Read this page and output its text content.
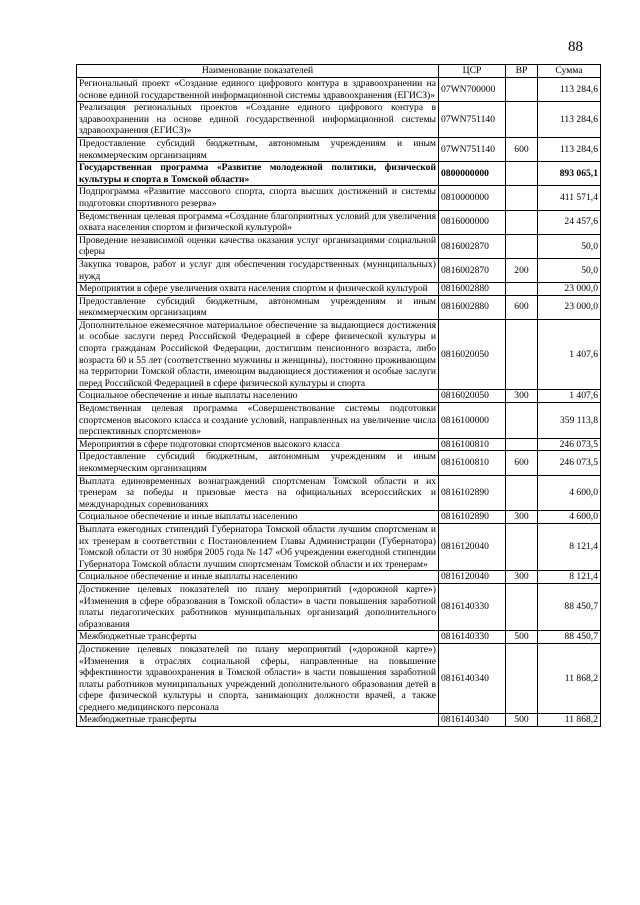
88
Наименование показателей	ЦСР	ВР	Сумма
Региональный проект «Создание единого цифрового контура в здравоохранении на основе единой государственной информационной системы здравоохранения (ЕГИСЗ)»	07WN700000		113 284,6
Реализация региональных проектов «Создание единого цифрового контура в здравоохранении на основе единой государственной информационной системы здравоохранения (ЕГИСЗ)»	07WN751140		113 284,6
Предоставление субсидий бюджетным, автономным учреждениям и иным некоммерческим организациям	07WN751140	600	113 284,6
Государственная программа «Развитие молодежной политики, физической культуры и спорта в Томской области»	0800000000		893 065,1
Подпрограмма «Развитие массового спорта, спорта высших достижений и системы подготовки спортивного резерва»	0810000000		411 571,4
Ведомственная целевая программа «Создание благоприятных условий для увеличения охвата населения спортом и физической культурой»	0816000000		24 457,6
Проведение независимой оценки качества оказания услуг организациями социальной сферы	0816002870		50,0
Закупка товаров, работ и услуг для обеспечения государственных (муниципальных) нужд	0816002870	200	50,0
Мероприятия в сфере увеличения охвата населения спортом и физической культурой	0816002880		23 000,0
Предоставление субсидий бюджетным, автономным учреждениям и иным некоммерческим организациям	0816002880	600	23 000,0
Дополнительное ежемесячное материальное обеспечение за выдающиеся достижения и особые заслуги перед Российской Федерацией в сфере физической культуры и спорта гражданам Российской Федерации, достигшим пенсионного возраста, либо возраста 60 и 55 лет (соответственно мужчины и женщины), постоянно проживающим на территории Томской области, имеющим выдающиеся достижения и особые заслуги перед Российской Федерацией в сфере физической культуры и спорта	0816020050		1 407,6
Социальное обеспечение и иные выплаты населению	0816020050	300	1 407,6
Ведомственная целевая программа «Совершенствование системы подготовки спортсменов высокого класса и создание условий, направленных на увеличение числа перспективных спортсменов»	0816100000		359 113,8
Мероприятия в сфере подготовки спортсменов высокого класса	0816100810		246 073,5
Предоставление субсидий бюджетным, автономным учреждениям и иным некоммерческим организациям	0816100810	600	246 073,5
Выплата единовременных вознаграждений спортсменам Томской области и их тренерам за победы и призовые места на официальных всероссийских и международных соревнованиях	0816102890		4 600,0
Социальное обеспечение и иные выплаты населению	0816102890	300	4 600,0
Выплата ежегодных стипендий Губернатора Томской области лучшим спортсменам и их тренерам в соответствии с Постановлением Главы Администрации (Губернатора) Томской области от 30 ноября 2005 года № 147 «Об учреждении ежегодной стипендии Губернатора Томской области лучшим спортсменам Томской области и их тренерам»	0816120040		8 121,4
Социальное обеспечение и иные выплаты населению	0816120040	300	8 121,4
Достижение целевых показателей по плану мероприятий («дорожной карте») «Изменения в сфере образования в Томской области» в части повышения заработной платы педагогических работников муниципальных организаций дополнительного образования	0816140330		88 450,7
Межбюджетные трансферты	0816140330	500	88 450,7
Достижение целевых показателей по плану мероприятий («дорожной карте») «Изменения в отраслях социальной сферы, направленные на повышение эффективности здравоохранения в Томской области» в части повышения заработной платы работников муниципальных учреждений дополнительного образования детей в сфере физической культуры и спорта, занимающих должности врачей, а также среднего медицинского персонала	0816140340		11 868,2
Межбюджетные трансферты	0816140340	500	11 868,2
